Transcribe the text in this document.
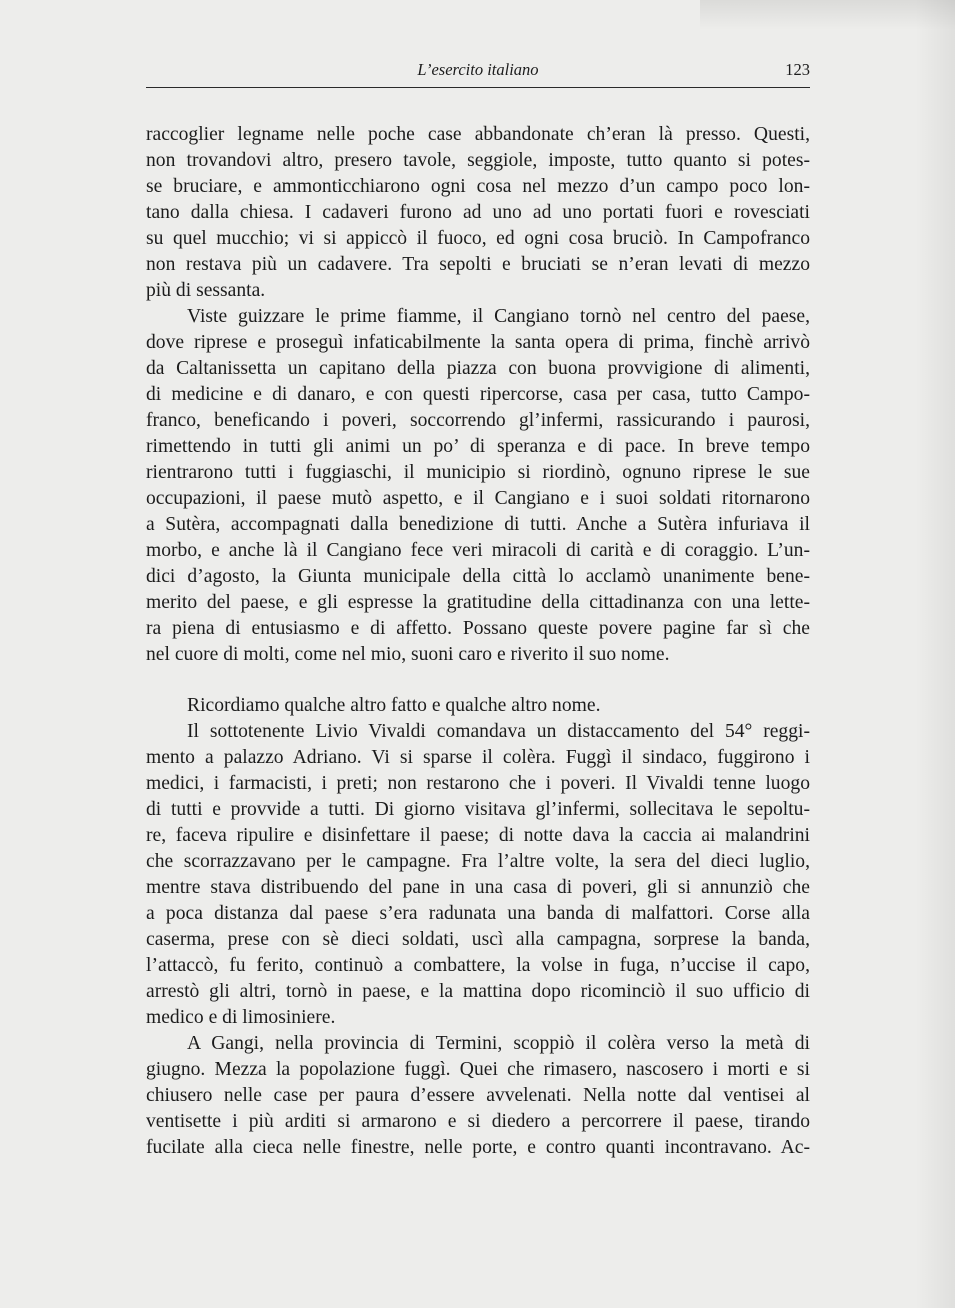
L’esercito italiano	123
raccoglier legname nelle poche case abbandonate ch’eran là presso. Questi,
non trovandovi altro, presero tavole, seggiole, imposte, tutto quanto si potes-
se bruciare, e ammonticchiarono ogni cosa nel mezzo d’un campo poco lon-
tano dalla chiesa. I cadaveri furono ad uno ad uno portati fuori e rovesciati
su quel mucchio; vi si appiccò il fuoco, ed ogni cosa bruciò. In Campofranco
non restava più un cadavere. Tra sepolti e bruciati se n’eran levati di mezzo
più di sessanta.
Viste guizzare le prime fiamme, il Cangiano tornò nel centro del paese,
dove riprese e proseguì infaticabilmente la santa opera di prima, finchè arrivò
da Caltanissetta un capitano della piazza con buona provvigione di alimenti,
di medicine e di danaro, e con questi ripercorse, casa per casa, tutto Campo-
franco, beneficando i poveri, soccorrendo gl’infermi, rassicurando i paurosi,
rimettendo in tutti gli animi un po’ di speranza e di pace. In breve tempo
rientrarono tutti i fuggiaschi, il municipio si riordinò, ognuno riprese le sue
occupazioni, il paese mutò aspetto, e il Cangiano e i suoi soldati ritornarono
a Sutèra, accompagnati dalla benedizione di tutti. Anche a Sutèra infuriava il
morbo, e anche là il Cangiano fece veri miracoli di carità e di coraggio. L’un-
dici d’agosto, la Giunta municipale della città lo acclamò unanimente bene-
merito del paese, e gli espresse la gratitudine della cittadinanza con una lette-
ra piena di entusiasmo e di affetto. Possano queste povere pagine far sì che
nel cuore di molti, come nel mio, suoni caro e riverito il suo nome.
Ricordiamo qualche altro fatto e qualche altro nome.
Il sottotenente Livio Vivaldi comandava un distaccamento del 54° reggi-
mento a palazzo Adriano. Vi si sparse il colèra. Fuggì il sindaco, fuggirono i
medici, i farmacisti, i preti; non restarono che i poveri. Il Vivaldi tenne luogo
di tutti e provvide a tutti. Di giorno visitava gl’infermi, sollecitava le sepoltu-
re, faceva ripulire e disinfettare il paese; di notte dava la caccia ai malandrini
che scorrazzavano per le campagne. Fra l’altre volte, la sera del dieci luglio,
mentre stava distribuendo del pane in una casa di poveri, gli si annunziò che
a poca distanza dal paese s’era radunata una banda di malfattori. Corse alla
caserma, prese con sè dieci soldati, uscì alla campagna, sorprese la banda,
l’attaccò, fu ferito, continuò a combattere, la volse in fuga, n’uccise il capo,
arrestò gli altri, tornò in paese, e la mattina dopo ricominciò il suo ufficio di
medico e di limosiniere.
A Gangi, nella provincia di Termini, scoppiò il colèra verso la metà di
giugno. Mezza la popolazione fuggì. Quei che rimasero, nascosero i morti e si
chiusero nelle case per paura d’essere avvelenati. Nella notte dal ventisei al
ventisette i più arditi si armarono e si diedero a percorrere il paese, tirando
fucilate alla cieca nelle finestre, nelle porte, e contro quanti incontravano. Ac-
